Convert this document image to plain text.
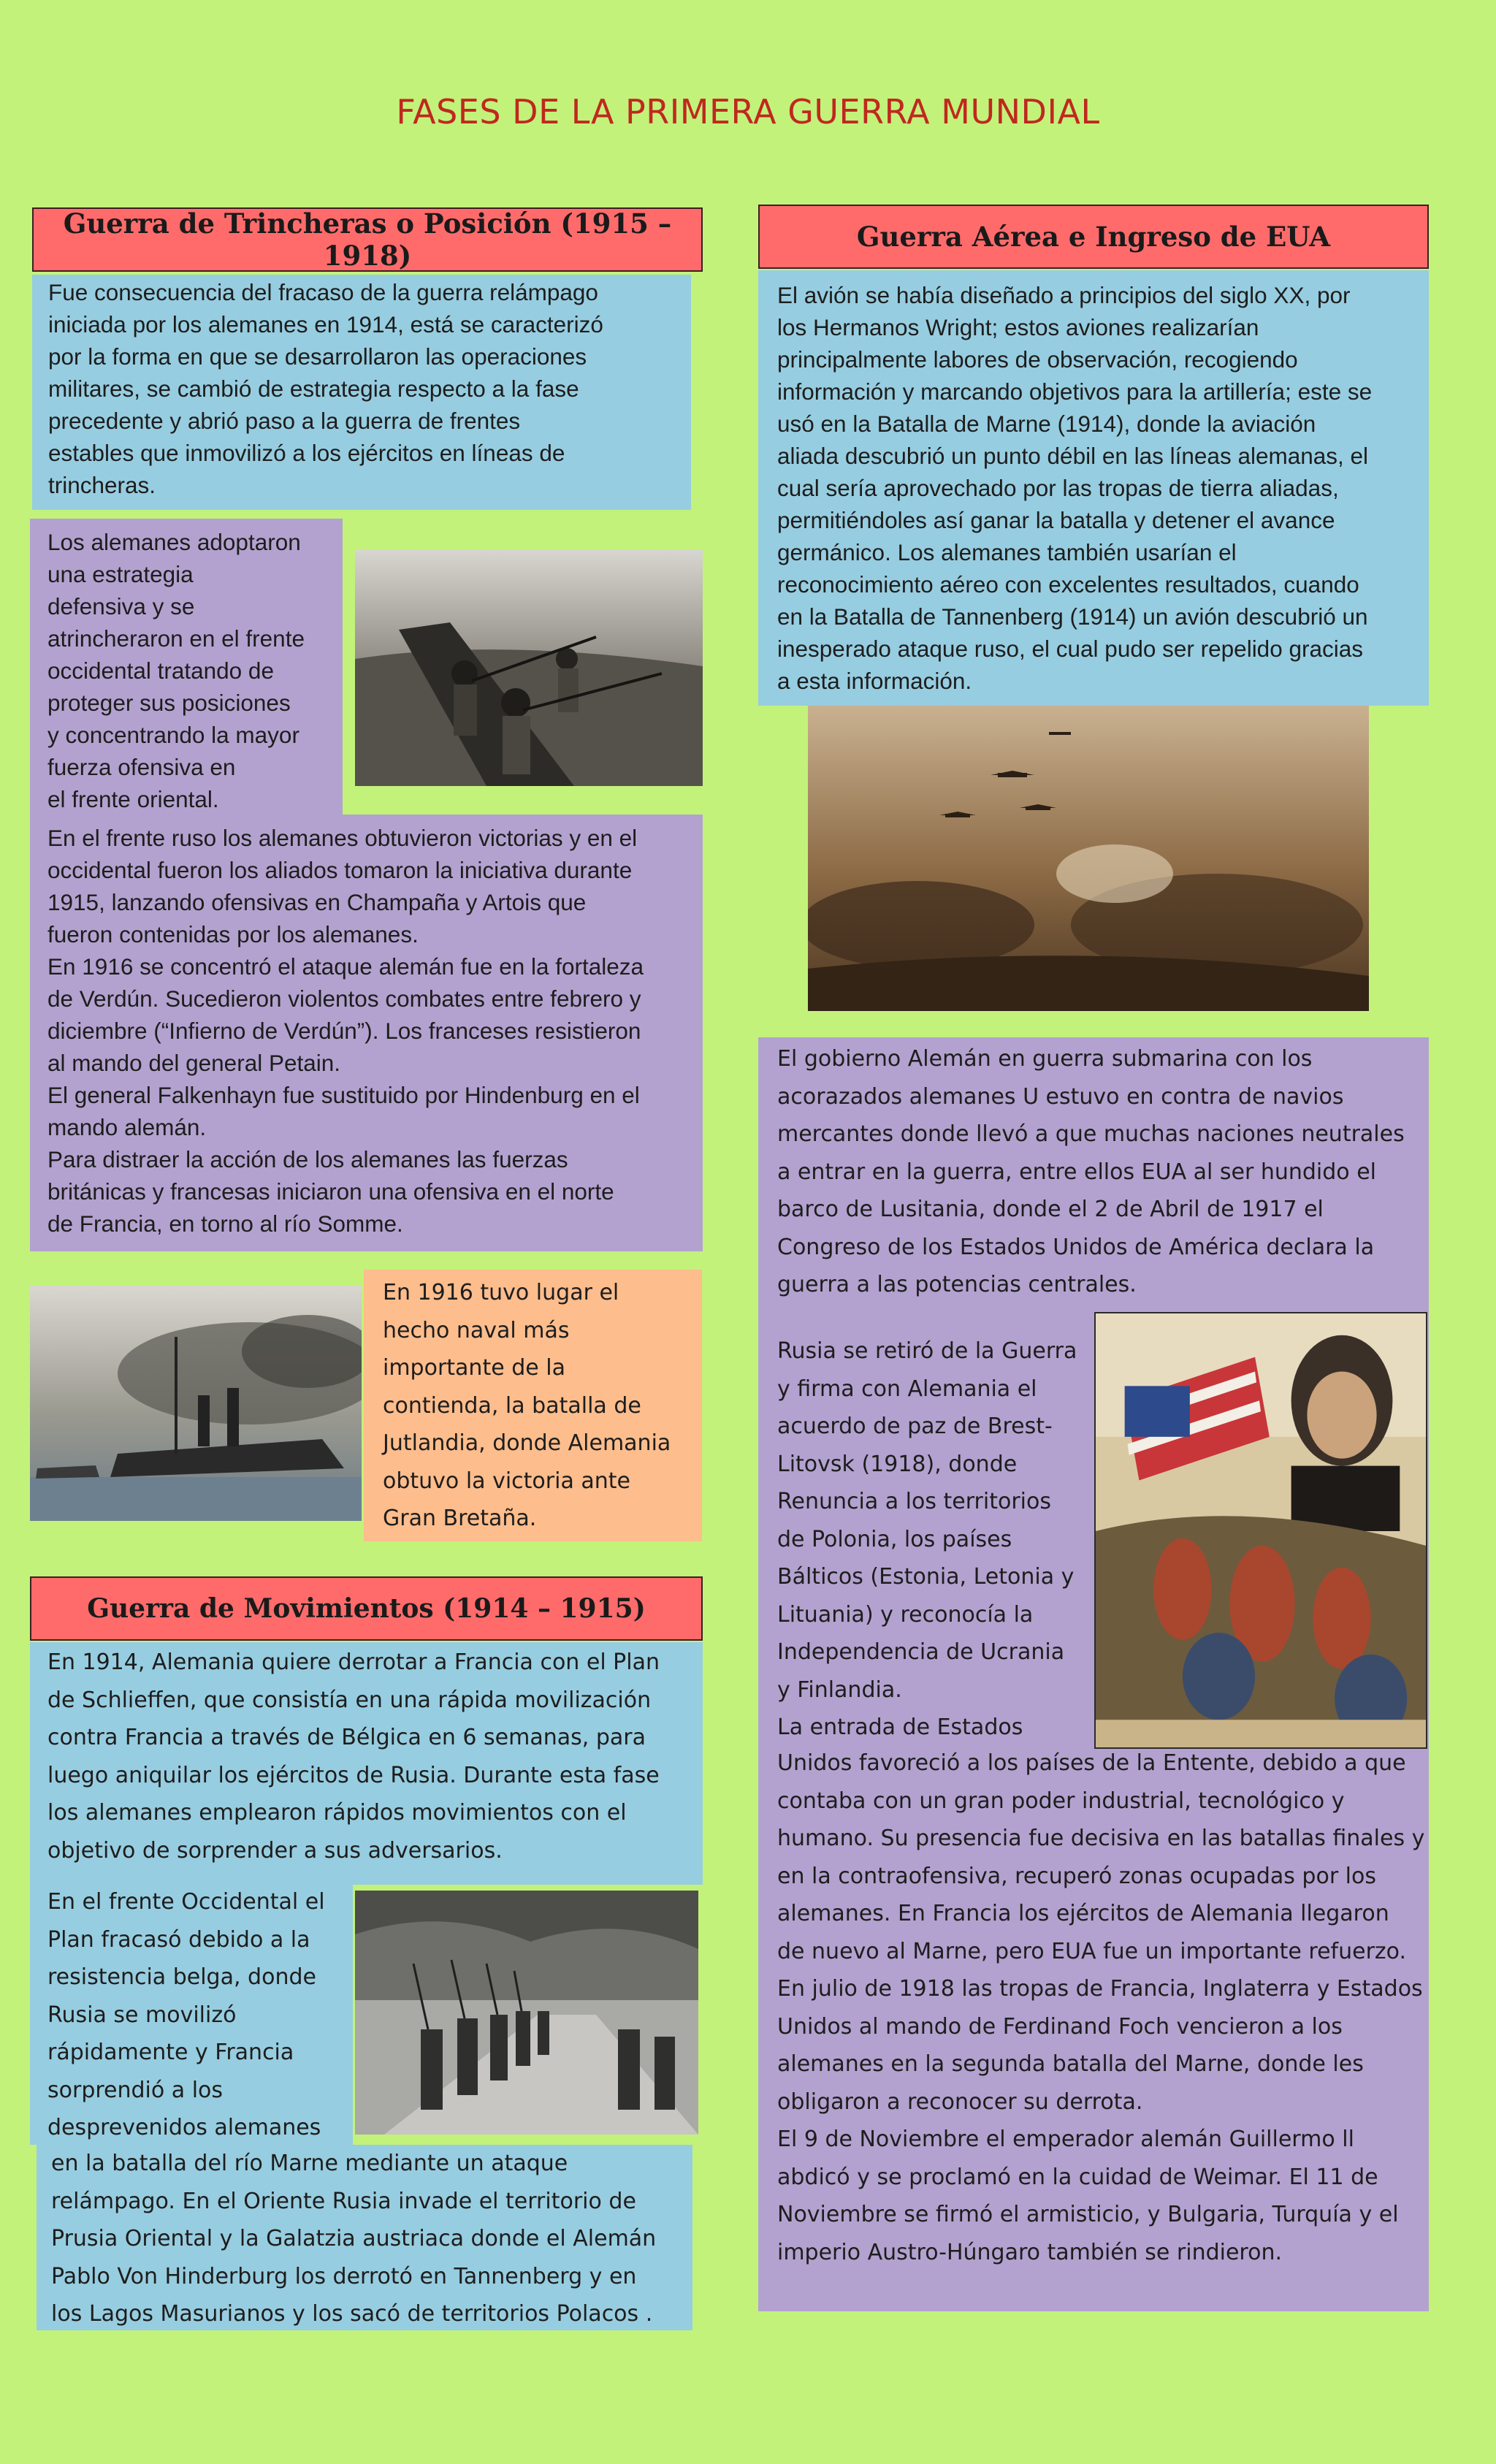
FASES DE LA PRIMERA GUERRA MUNDIAL
Guerra de Trincheras o Posición (1915 – 1918)
Fue consecuencia del fracaso de la guerra relámpago
iniciada por los alemanes en 1914, está se caracterizó
por la forma en que se desarrollaron las operaciones
militares, se cambió de estrategia respecto a la fase
precedente y abrió paso a la guerra de frentes
estables que inmovilizó a los ejércitos en líneas de
trincheras.
Los alemanes adoptaron
una estrategia
defensiva y se
atrincheraron en el frente
occidental tratando de
proteger sus posiciones
y concentrando la mayor
fuerza ofensiva en
el frente oriental.
En el frente ruso los alemanes obtuvieron victorias y en el
occidental fueron los aliados tomaron la iniciativa durante
1915, lanzando ofensivas en Champaña y Artois que
fueron contenidas por los alemanes.
En 1916 se concentró el ataque alemán fue en la fortaleza
de Verdún. Sucedieron violentos combates entre febrero y
diciembre (“Infierno de Verdún”). Los franceses resistieron
al mando del general Petain.
El general Falkenhayn fue sustituido por Hindenburg en el
mando alemán.
Para distraer la acción de los alemanes las fuerzas
británicas y francesas iniciaron una ofensiva en el norte
de Francia, en torno al río Somme.
En 1916 tuvo lugar el
hecho naval más
importante de la
contienda, la batalla de
Jutlandia, donde Alemania
obtuvo la victoria ante
Gran Bretaña.
Guerra de Movimientos (1914 – 1915)
En 1914, Alemania quiere derrotar a Francia con el Plan
de Schlieffen, que consistía en una rápida movilización
contra Francia a través de Bélgica en 6 semanas, para
luego aniquilar los ejércitos de Rusia. Durante esta fase
los alemanes emplearon rápidos movimientos con el
objetivo de sorprender a sus adversarios.
En el frente Occidental el
Plan fracasó debido a la
resistencia belga, donde
Rusia se movilizó
rápidamente y Francia
sorprendió a los
desprevenidos alemanes
en la batalla del río Marne mediante un ataque
relámpago. En el Oriente Rusia invade el territorio de
Prusia Oriental y la Galatzia austriaca donde el Alemán
Pablo Von Hinderburg los derrotó en Tannenberg y en
los Lagos Masurianos y los sacó de territorios Polacos .
Guerra Aérea e Ingreso de EUA
El avión se había diseñado a principios del siglo XX, por
los Hermanos Wright; estos aviones realizarían
principalmente labores de observación, recogiendo
información y marcando objetivos para la artillería; este se
usó en la Batalla de Marne (1914), donde la aviación
aliada descubrió un punto débil en las líneas alemanas, el
cual sería aprovechado por las tropas de tierra aliadas,
permitiéndoles así ganar la batalla y detener el avance
germánico. Los alemanes también usarían el
reconocimiento aéreo con excelentes resultados, cuando
en la Batalla de Tannenberg (1914) un avión descubrió un
inesperado ataque ruso, el cual pudo ser repelido gracias
a esta información.
El gobierno Alemán en guerra submarina con los
acorazados alemanes U estuvo en contra de navios
mercantes donde llevó a que muchas naciones neutrales
a entrar en la guerra, entre ellos EUA al ser hundido el
barco de Lusitania, donde el 2 de Abril de 1917 el
Congreso de los Estados Unidos de América declara la
guerra a las potencias centrales.
Rusia se retiró de la Guerra
y firma con Alemania el
acuerdo de paz de Brest-
Litovsk (1918), donde
Renuncia a los territorios
de Polonia, los países
Bálticos (Estonia, Letonia y
Lituania) y reconocía la
Independencia de Ucrania
y Finlandia.
La entrada de Estados
Unidos favoreció a los países de la Entente, debido a que
contaba con un gran poder industrial, tecnológico y
humano. Su presencia fue decisiva en las batallas finales y
en la contraofensiva, recuperó zonas ocupadas por los
alemanes. En Francia los ejércitos de Alemania llegaron
de nuevo al Marne, pero EUA fue un importante refuerzo.
En julio de 1918 las tropas de Francia, Inglaterra y Estados
Unidos al mando de Ferdinand Foch vencieron a los
alemanes en la segunda batalla del Marne, donde les
obligaron a reconocer su derrota.
El 9 de Noviembre el emperador alemán Guillermo ll
abdicó y se proclamó en la cuidad de Weimar. El 11 de
Noviembre se firmó el armisticio, y Bulgaria, Turquía y el
imperio Austro-Húngaro también se rindieron.
